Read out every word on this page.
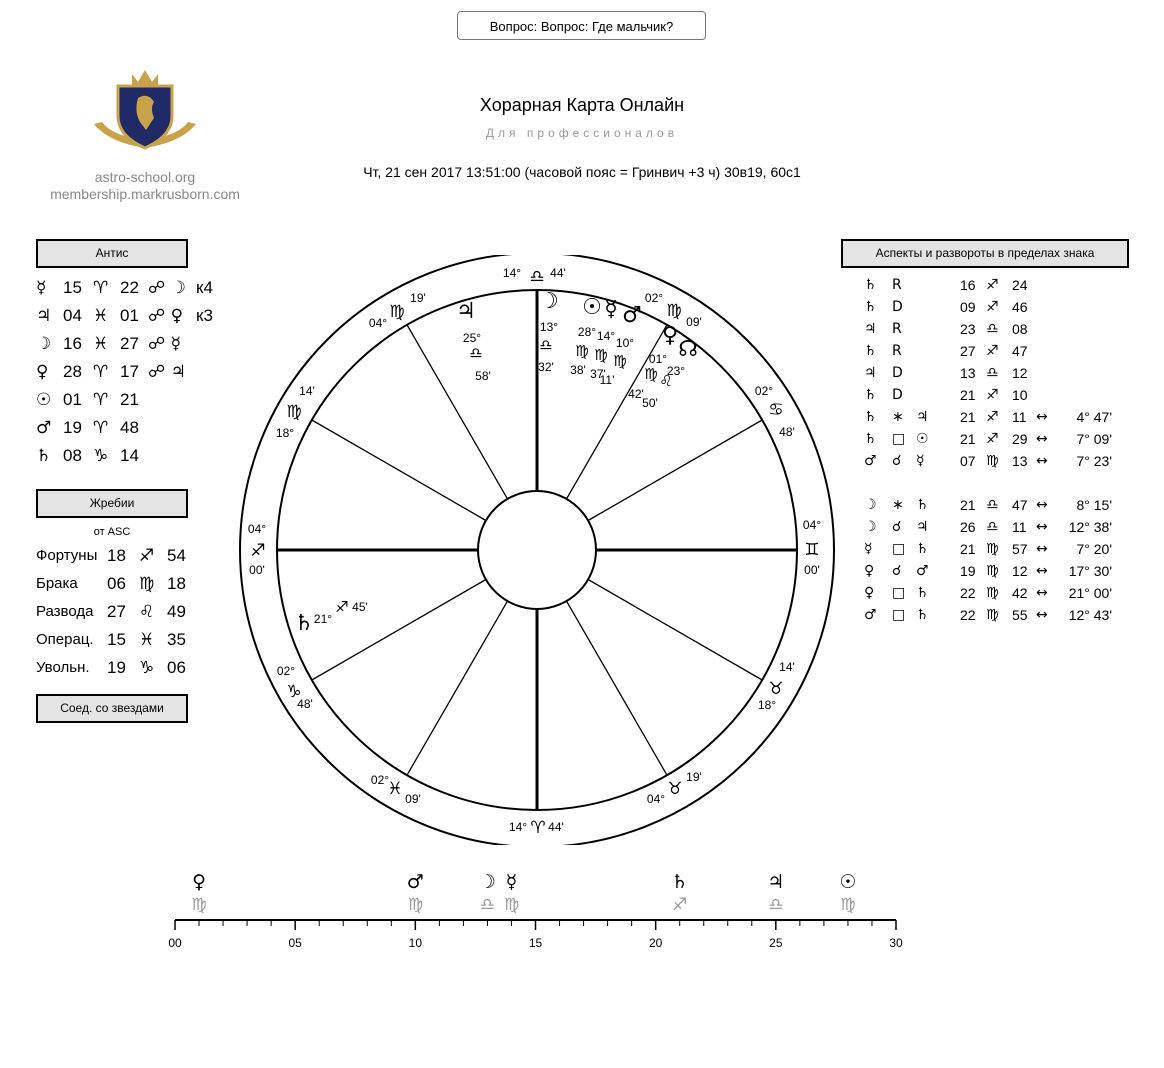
Вопрос: Вопрос: Где мальчик?
astro-school.org
membership.markrusborn.com
Хорарная Карта Онлайн
Для профессионалов
Чт, 21 сен 2017 13:51:00 (часовой пояс = Гринвич +3 ч) 30в19, 60с1
Антис
☿ 15 ♈ 22 ☍ ☽ к4
♃ 04 ♓ 01 ☍ ♀ к3
☽ 16 ♓ 27 ☍ ☿
♀ 28 ♈ 17 ☍ ♃
☉ 01 ♈ 21
♂ 19 ♈ 48
♄ 08 ♑ 14
Жребии
от ASC
Фортуны 18 ♐ 54
Брака 06 ♍ 18
Развода 27 ♌ 49
Операц. 15 ♓ 35
Увольн. 19 ♑ 06
Соед. со звездами
Аспекты и развороты в пределах знака
♄ R	16 ♐ 24
♄ D	09 ♐ 46
♃ R	23 ♎ 08
♄ R	27 ♐ 47
♃ D	13 ♎ 12
♄ D	21 ♐ 10
♄ ∗ ♃ 21 ♐ 11 ↔	4° 47'
♄ □ ☉ 21 ♐ 29 ↔	7° 09'
♂ ☌ ☿	07 ♍ 13 ↔	7° 23'
☽ ∗ ♄ 21 ♎ 47 ↔	8° 15'
☽ ☌ ♃ 26 ♎ 11 ↔	12° 38'
☿ □ ♄ 21 ♍ 57 ↔	7° 20'
♀ ☌ ♂ 19 ♍ 12 ↔	17° 30'
♀ □ ♄ 22 ♍ 42 ↔	21° 00'
♂ □ ♄ 22 ♍ 55 ↔	12° 43'
14° ♎ 44'
04°
♍
19'
14'
♍
18°
04°
♐
00'
02°
♑
48'
02°
♓ 09'
14° ♈ 44'
04° ♉
19'
14'
♉
18°
04°
♊
00'
02°
♋
48'
02°
♍
09'
♃
25°
♎
58'
☽
13°
♎
32'
☉
28°
♍
38'
☿
14°
♍
37'
♂
10°
♍
11'
♀
01°
♍
42'
☊
23°
♌
50'
♄ 21°
♐ 45'
00	05	10	15	20	25	30
♀
♍
♂
♍
☽
♎
☿
♍
♄
♐
♃
♎
☉
♍
